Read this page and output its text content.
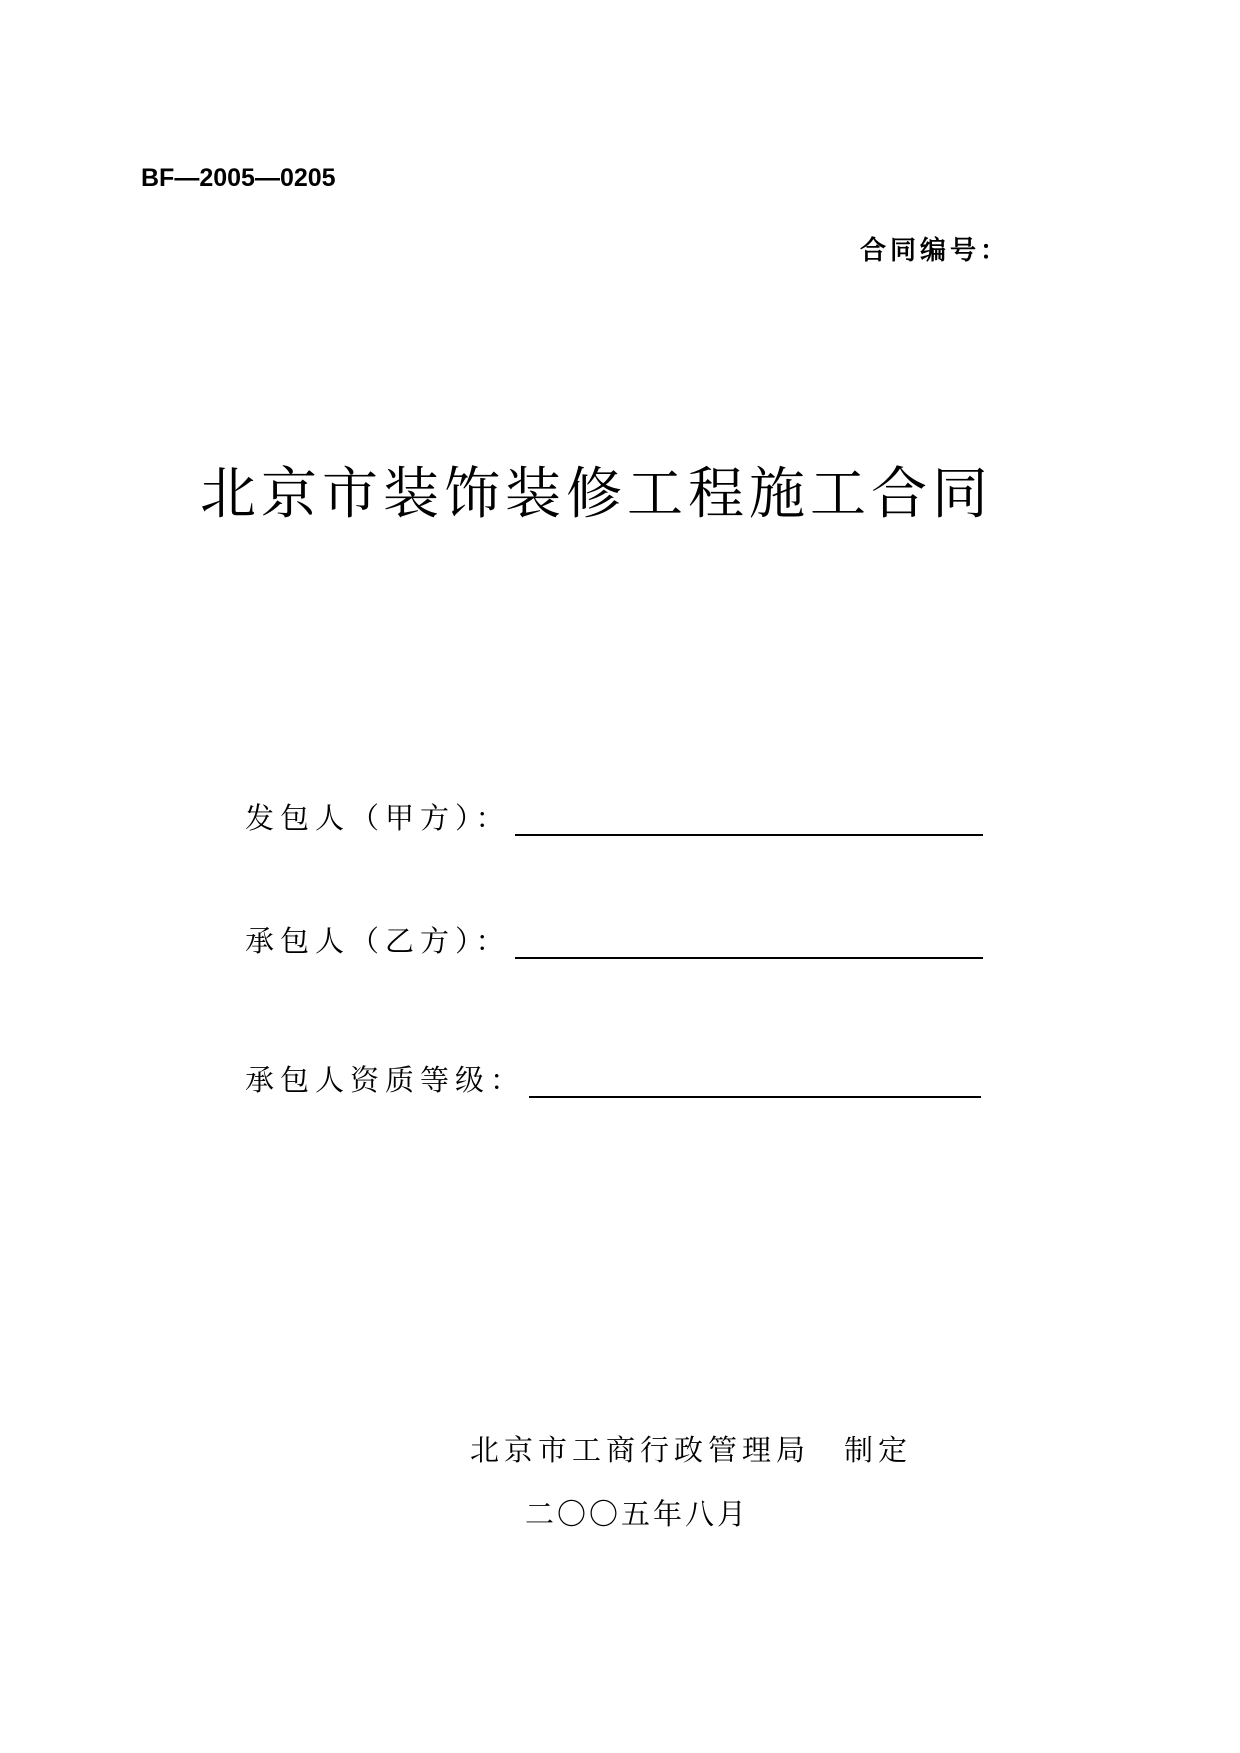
BF—2005—0205
合同编号：
北京市装饰装修工程施工合同
发包人（甲方）：
承包人（乙方）：
承包人资质等级：
北京市工商行政管理局 制定
二〇〇五年八月
